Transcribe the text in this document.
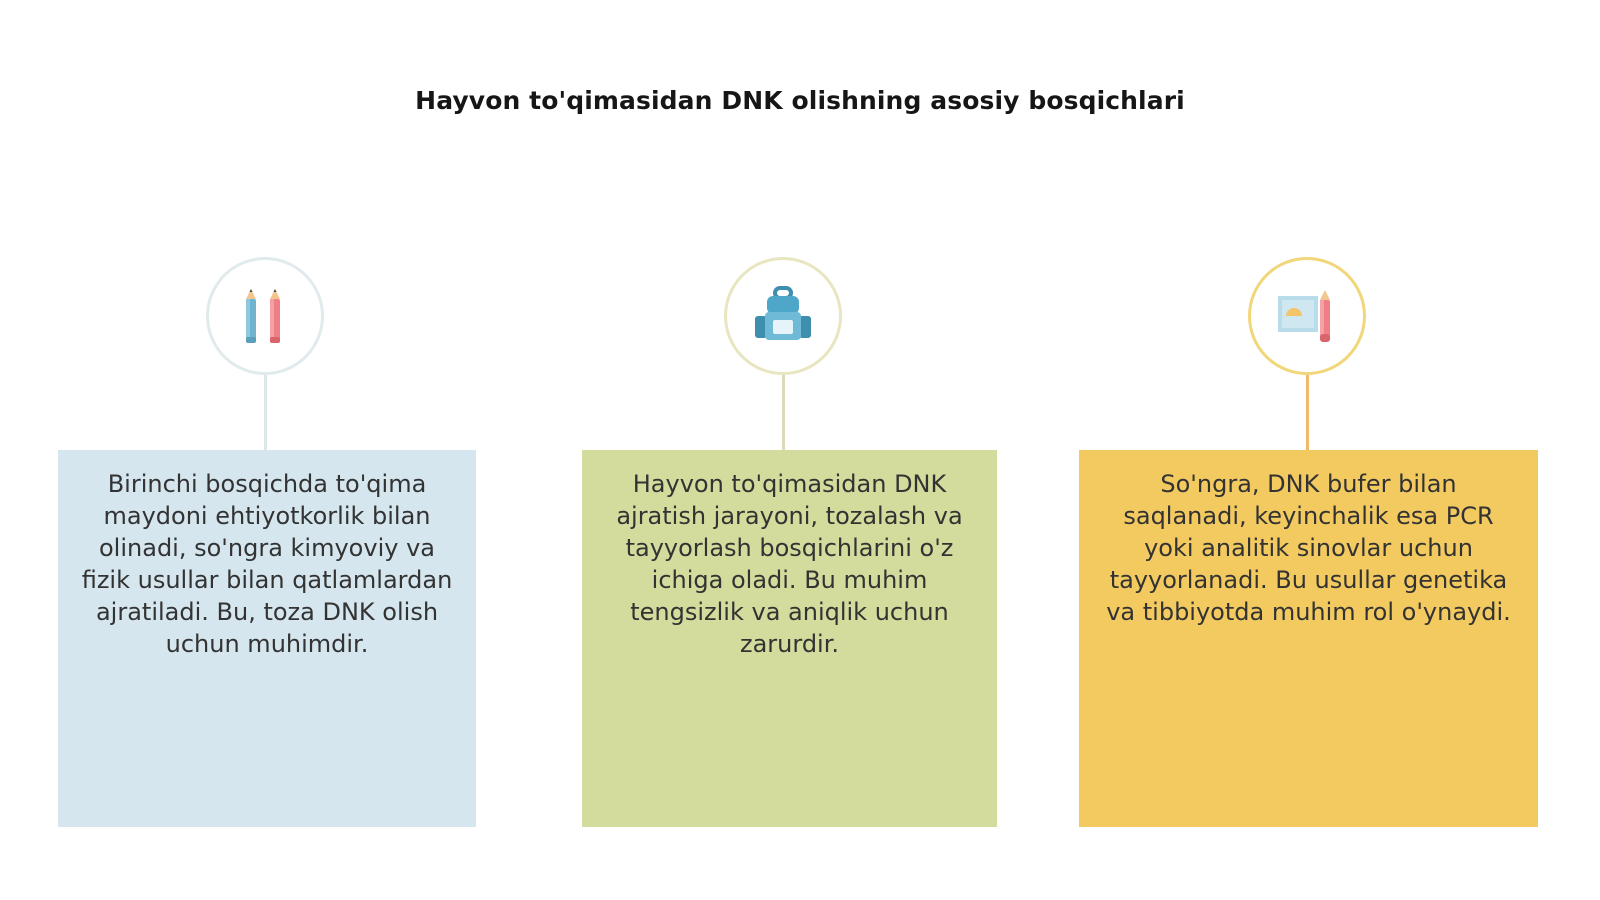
Hayvon to'qimasidan DNK olishning asosiy bosqichlari
Birinchi bosqichda to'qima maydoni ehtiyotkorlik bilan olinadi, so'ngra kimyoviy va fizik usullar bilan qatlamlardan ajratiladi. Bu, toza DNK olish uchun muhimdir.
Hayvon to'qimasidan DNK ajratish jarayoni, tozalash va tayyorlash bosqichlarini o'z ichiga oladi. Bu muhim tengsizlik va aniqlik uchun zarurdir.
So'ngra, DNK bufer bilan saqlanadi, keyinchalik esa PCR yoki analitik sinovlar uchun tayyorlanadi. Bu usullar genetika va tibbiyotda muhim rol o'ynaydi.
